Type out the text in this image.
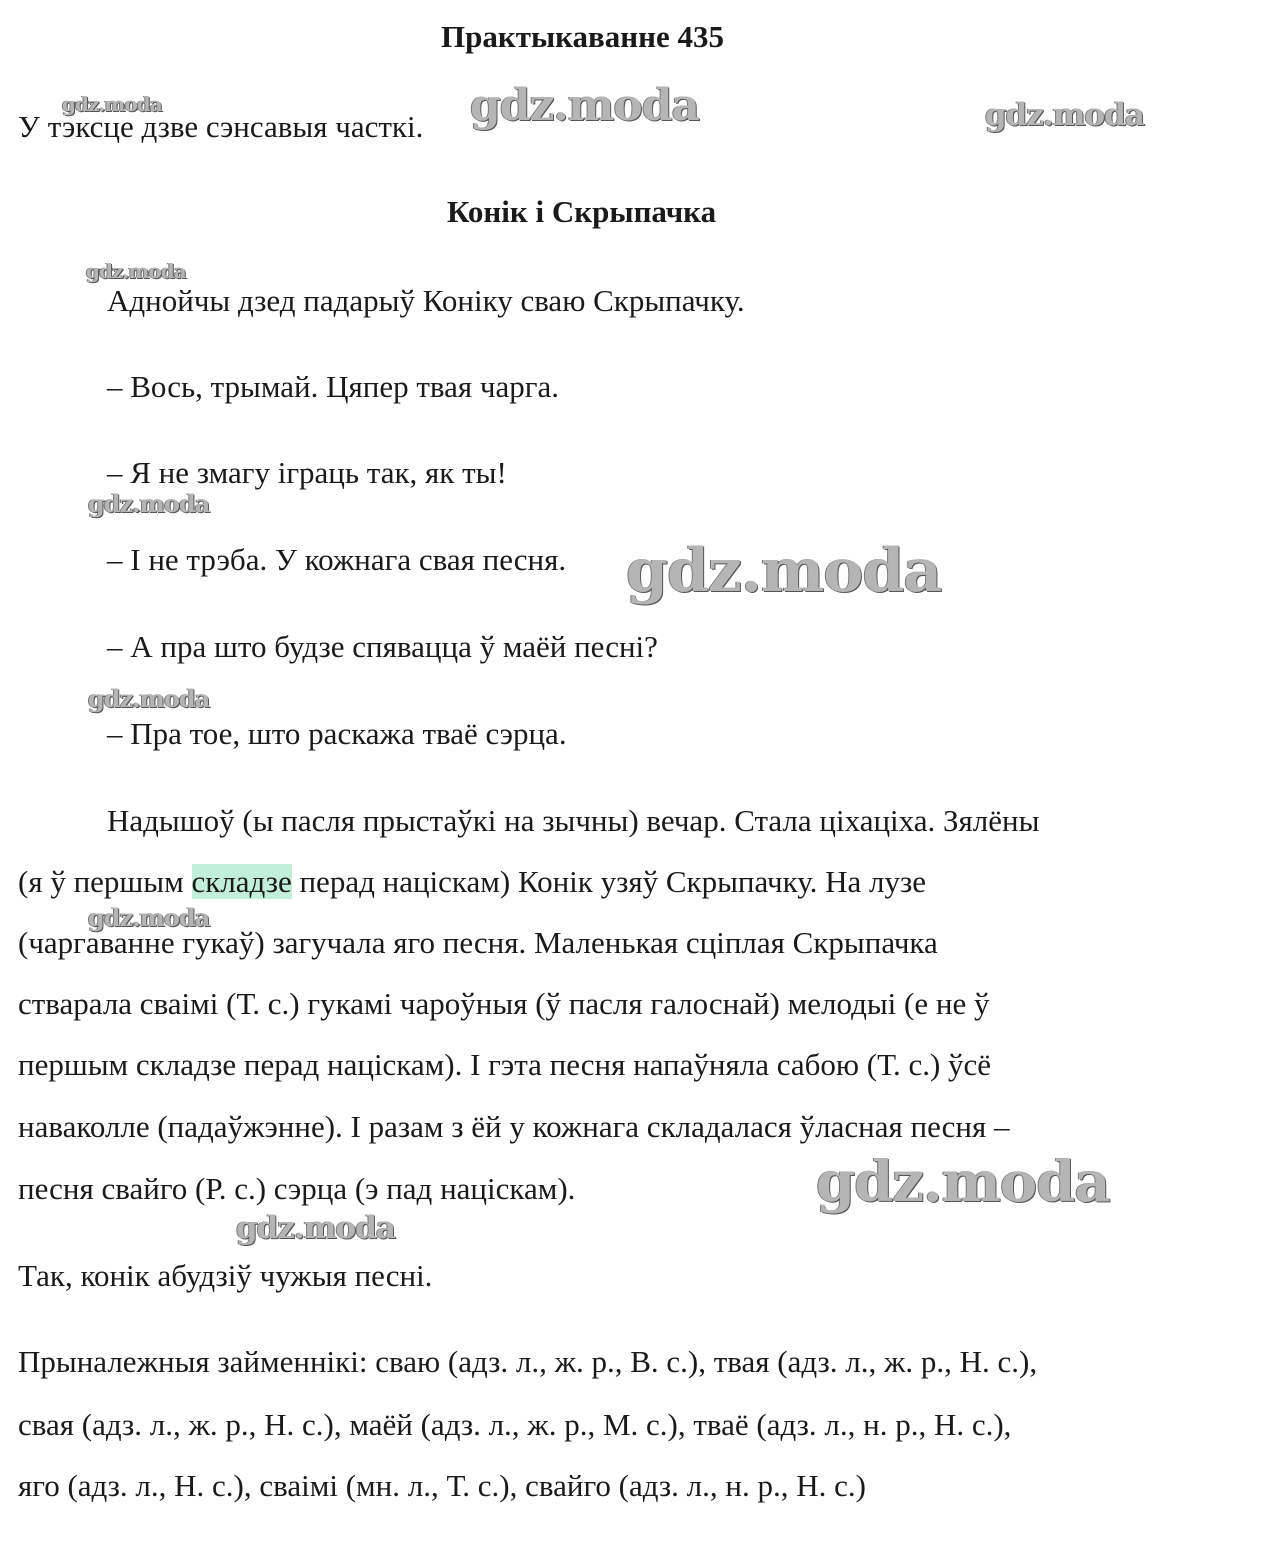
Практыкаванне 435
У тэксце дзве сэнсавыя часткі.
Конік і Скрыпачка
Аднойчы дзед падарыў Коніку сваю Скрыпачку.
– Вось, трымай. Цяпер твая чарга.
– Я не змагу іграць так, як ты!
– І не трэба. У кожнага свая песня.
– А пра што будзе спявацца ў маёй песні?
– Пра тое, што раскажа тваё сэрца.
Надышоў (ы пасля прыстаўкі на зычны) вечар. Стала ціхаціха. Зялёны
(я ў першым складзе перад націскам) Конік узяў Скрыпачку. На лузе
(чаргаванне гукаў) загучала яго песня. Маленькая сціплая Скрыпачка
стварала сваімі (Т. с.) гукамі чароўныя (ў пасля галоснай) мелодыі (е не ў
першым складзе перад націскам). І гэта песня напаўняла сабою (Т. с.) ўсё
наваколле (падаўжэнне). І разам з ёй у кожнага складалася ўласная песня –
песня свайго (Р. с.) сэрца (э пад націскам).
Так, конік абудзіў чужыя песні.
Прыналежныя займеннікі: сваю (адз. л., ж. р., В. с.), твая (адз. л., ж. р., Н. с.),
свая (адз. л., ж. р., Н. с.), маёй (адз. л., ж. р., М. с.), тваё (адз. л., н. р., Н. с.),
яго (адз. л., Н. с.), сваімі (мн. л., Т. с.), свайго (адз. л., н. р., Н. с.)
gdz.moda	gdz.moda	gdz.moda
gdz.moda
gdz.moda
gdz.moda
gdz.moda
gdz.moda
gdz.moda
gdz.moda
